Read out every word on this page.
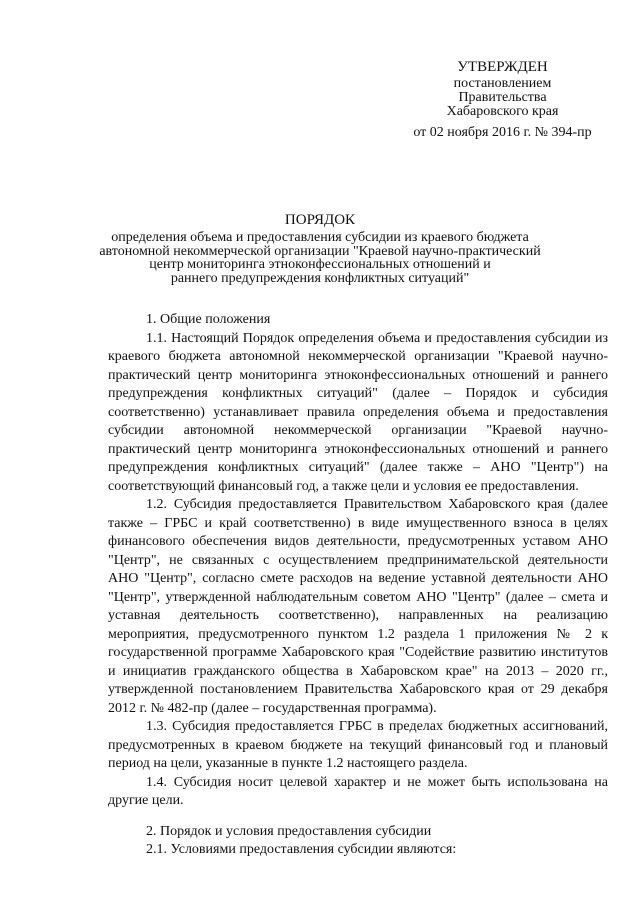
УТВЕРЖДЕН
постановлением
Правительства
Хабаровского края
от 02 ноября 2016 г. № 394-пр
ПОРЯДОК
определения объема и предоставления субсидии из краевого бюджета
автономной некоммерческой организации "Краевой научно-практический
центр мониторинга этноконфессиональных отношений и
раннего предупреждения конфликтных ситуаций"

1. Общие положения

1.1. Настоящий Порядок определения объема и предоставления субсидии из краевого бюджета автономной некоммерческой организации "Краевой научно-практический центр мониторинга этноконфессиональных отношений и раннего предупреждения конфликтных ситуаций" (далее – Порядок и субсидия соответственно) устанавливает правила определения объема и предоставления субсидии автономной некоммерческой организации "Краевой научно-практический центр мониторинга этноконфессиональных отношений и раннего предупреждения конфликтных ситуаций" (далее также – АНО "Центр") на соответствующий финансовый год, а также цели и условия ее предоставления.

1.2. Субсидия предоставляется Правительством Хабаровского края (далее также – ГРБС и край соответственно) в виде имущественного взноса в целях финансового обеспечения видов деятельности, предусмотренных уставом АНО "Центр", не связанных с осуществлением предпринимательской деятельности АНО "Центр", согласно смете расходов на ведение уставной деятельности АНО "Центр", утвержденной наблюдательным советом АНО "Центр" (далее – смета и уставная деятельность соответственно), направленных на реализацию мероприятия, предусмотренного пунктом 1.2 раздела 1 приложения № 2 к государственной программе Хабаровского края "Содействие развитию институтов и инициатив гражданского общества в Хабаровском крае" на 2013 – 2020 гг., утвержденной постановлением Правительства Хабаровского края от 29 декабря 2012 г. № 482-пр (далее – государственная программа).

1.3. Субсидия предоставляется ГРБС в пределах бюджетных ассигнований, предусмотренных в краевом бюджете на текущий финансовый год и плановый период на цели, указанные в пункте 1.2 настоящего раздела.

1.4. Субсидия носит целевой характер и не может быть использована на другие цели.

2. Порядок и условия предоставления субсидии

2.1. Условиями предоставления субсидии являются:
